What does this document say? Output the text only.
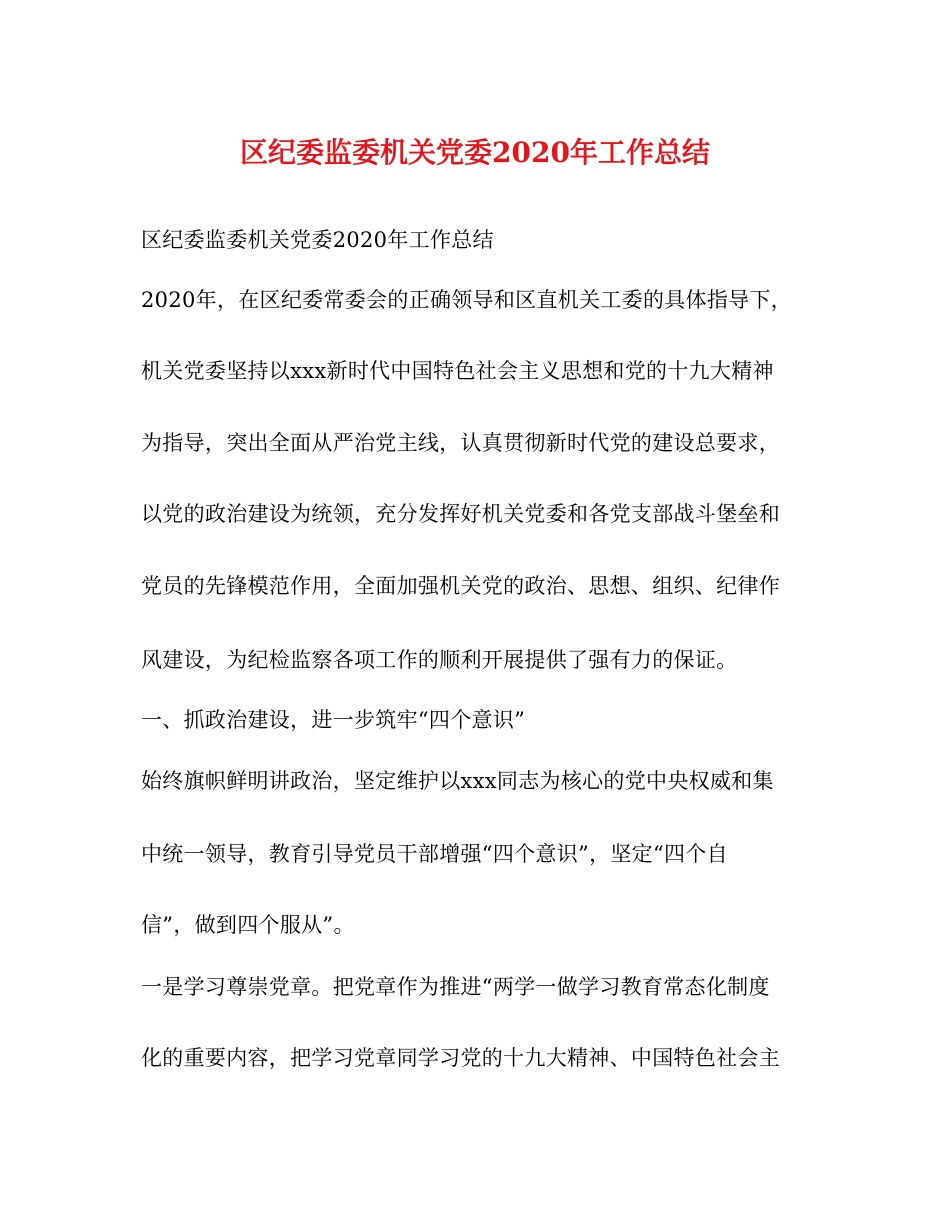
区纪委监委机关党委2020年工作总结
区纪委监委机关党委2020年工作总结
2020年，在区纪委常委会的正确领导和区直机关工委的具体指导下，
机关党委坚持以xxx新时代中国特色社会主义思想和党的十九大精神
为指导，突出全面从严治党主线，认真贯彻新时代党的建设总要求，
以党的政治建设为统领，充分发挥好机关党委和各党支部战斗堡垒和
党员的先锋模范作用，全面加强机关党的政治、思想、组织、纪律作
风建设，为纪检监察各项工作的顺利开展提供了强有力的保证。
一、抓政治建设，进一步筑牢“四个意识”
始终旗帜鲜明讲政治，坚定维护以xxx同志为核心的党中央权威和集
中统一领导，教育引导党员干部增强“四个意识”，坚定“四个自
信”，做到四个服从”。
一是学习尊崇党章。把党章作为推进“两学一做学习教育常态化制度
化的重要内容，把学习党章同学习党的十九大精神、中国特色社会主
